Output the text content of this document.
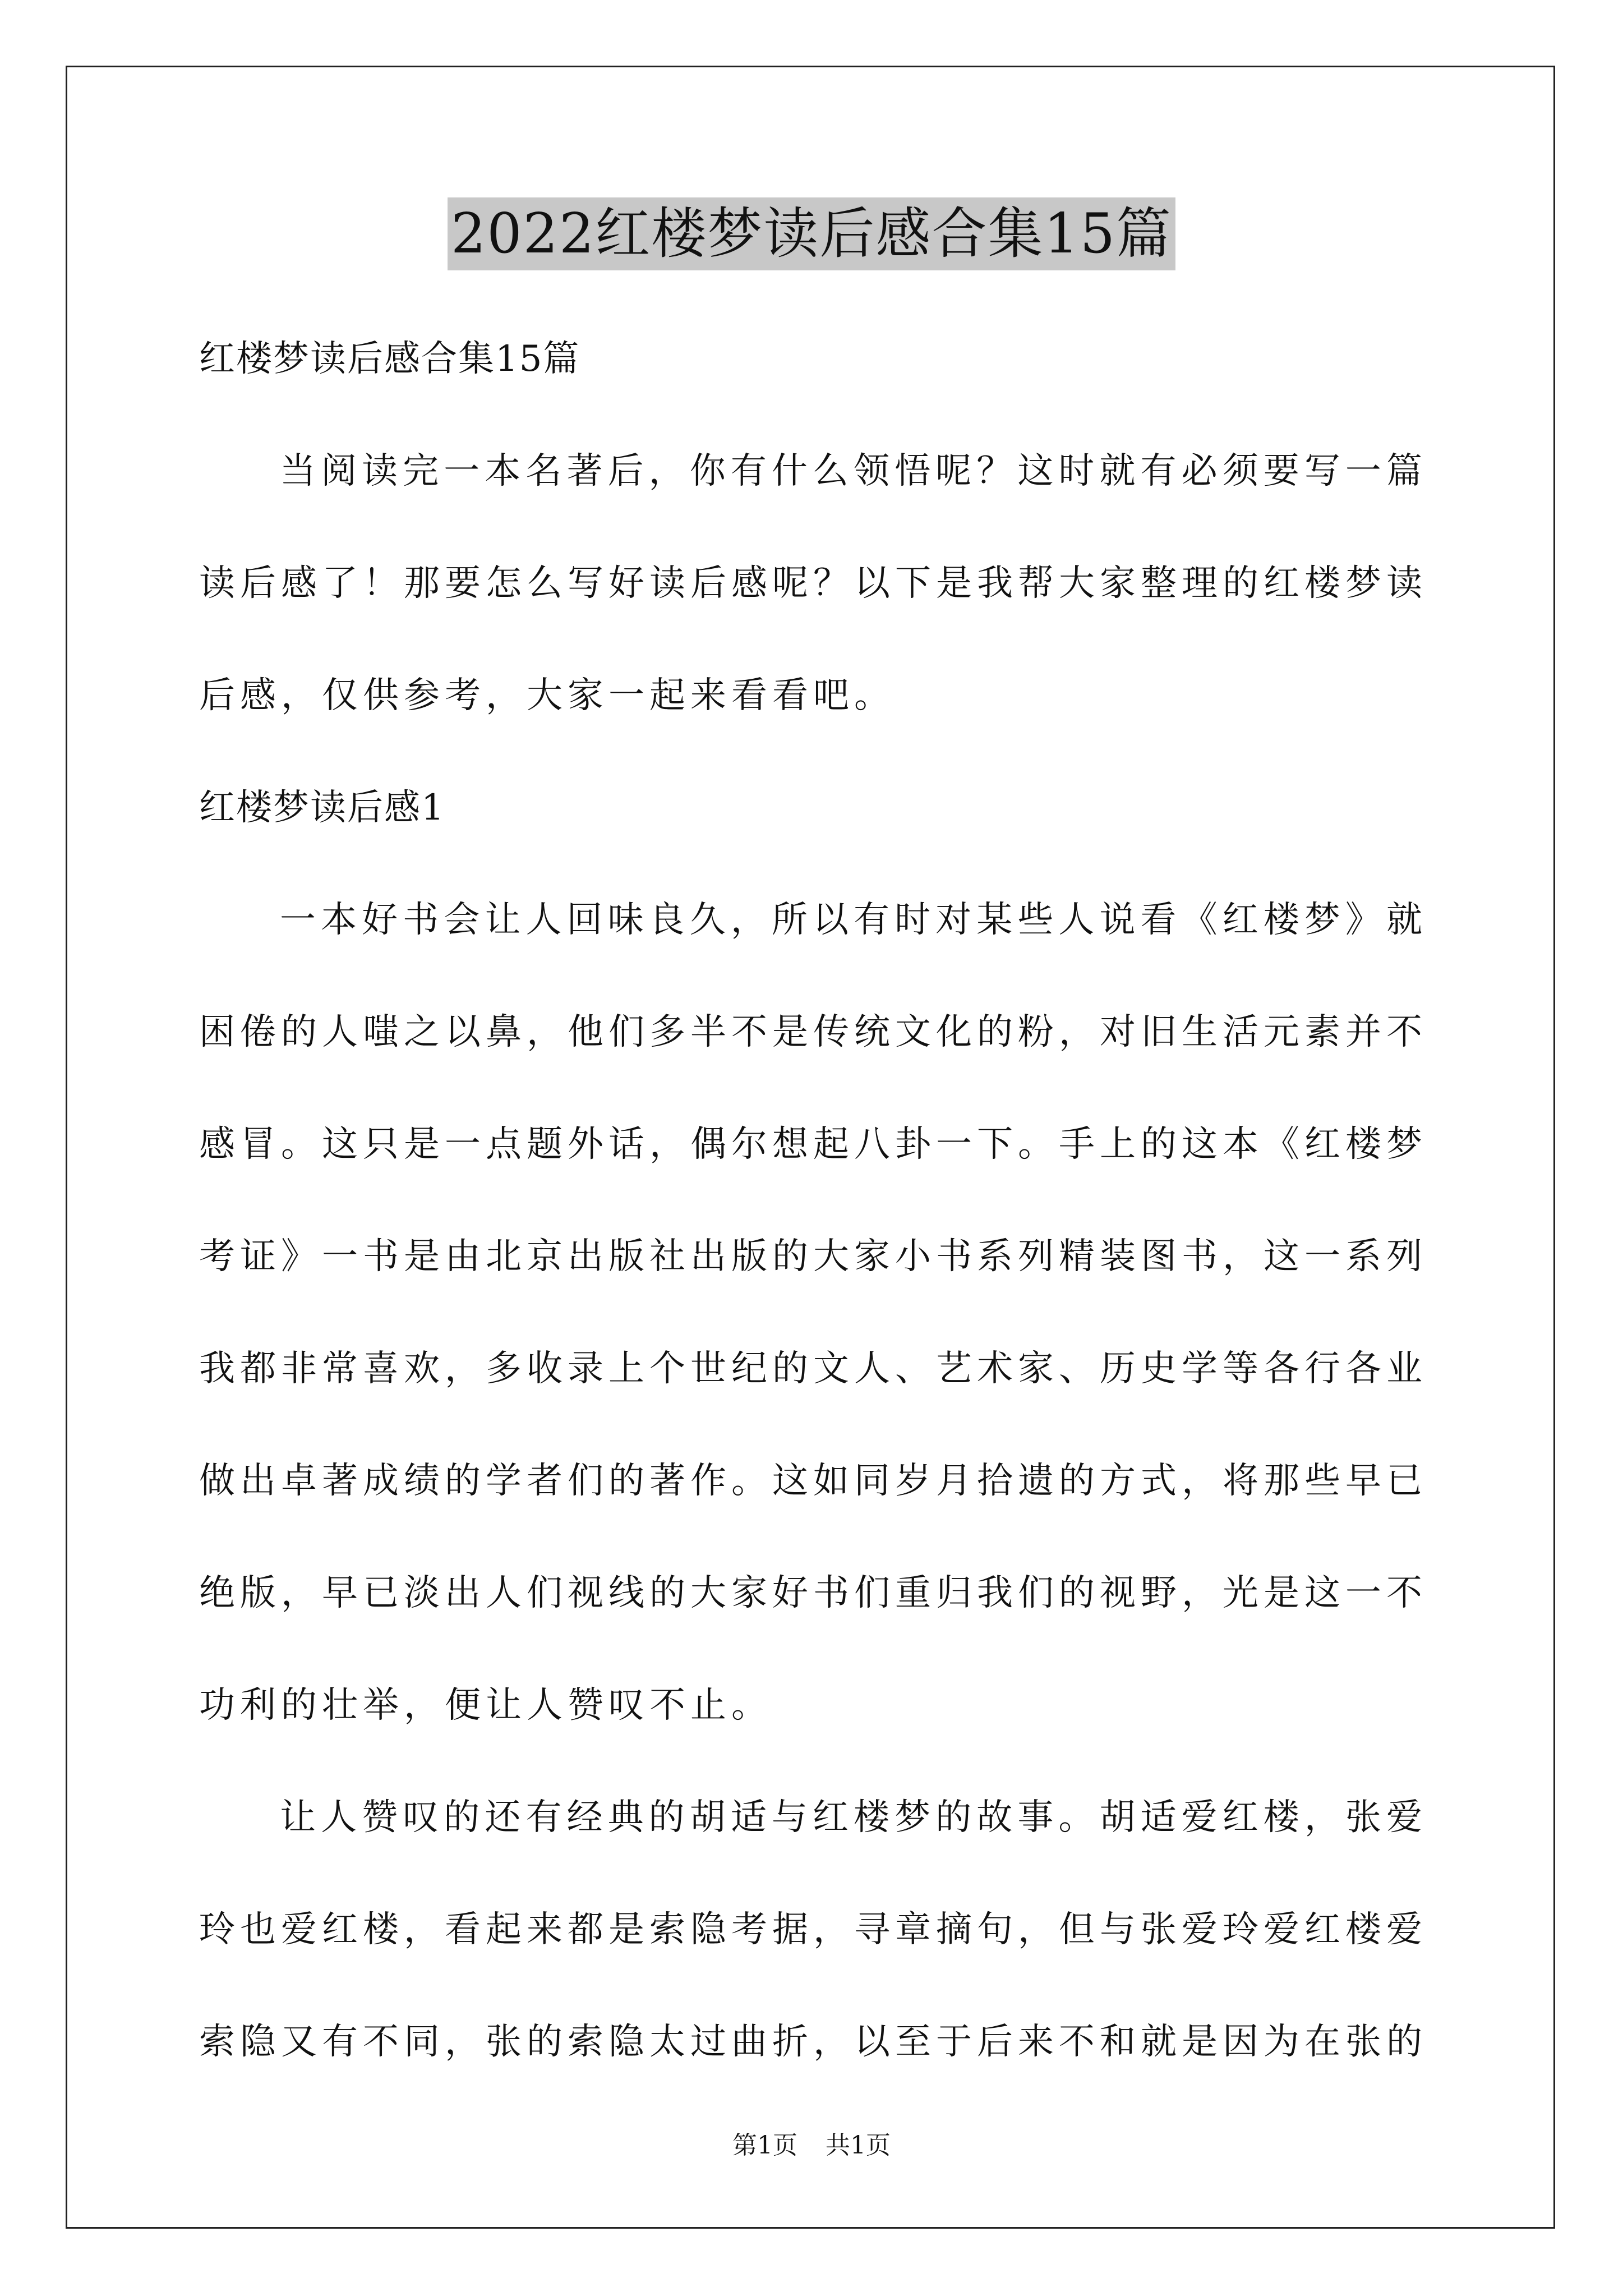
2022红楼梦读后感合集15篇

红楼梦读后感合集15篇

当阅读完一本名著后，你有什么领悟呢？这时就有必须要写一篇读后感了！那要怎么写好读后感呢？以下是我帮大家整理的红楼梦读后感，仅供参考，大家一起来看看吧。

红楼梦读后感1

一本好书会让人回味良久，所以有时对某些人说看《红楼梦》就困倦的人嗤之以鼻，他们多半不是传统文化的粉，对旧生活元素并不感冒。这只是一点题外话，偶尔想起八卦一下。手上的这本《红楼梦考证》一书是由北京出版社出版的大家小书系列精装图书，这一系列我都非常喜欢，多收录上个世纪的文人、艺术家、历史学等各行各业做出卓著成绩的学者们的著作。这如同岁月拾遗的方式，将那些早已绝版，早已淡出人们视线的大家好书们重归我们的视野，光是这一不功利的壮举，便让人赞叹不止。

让人赞叹的还有经典的胡适与红楼梦的故事。胡适爱红楼，张爱玲也爱红楼，看起来都是索隐考据，寻章摘句，但与张爱玲爱红楼爱索隐又有不同，张的索隐太过曲折，以至于后来不和就是因为在张的

第1页 共1页
